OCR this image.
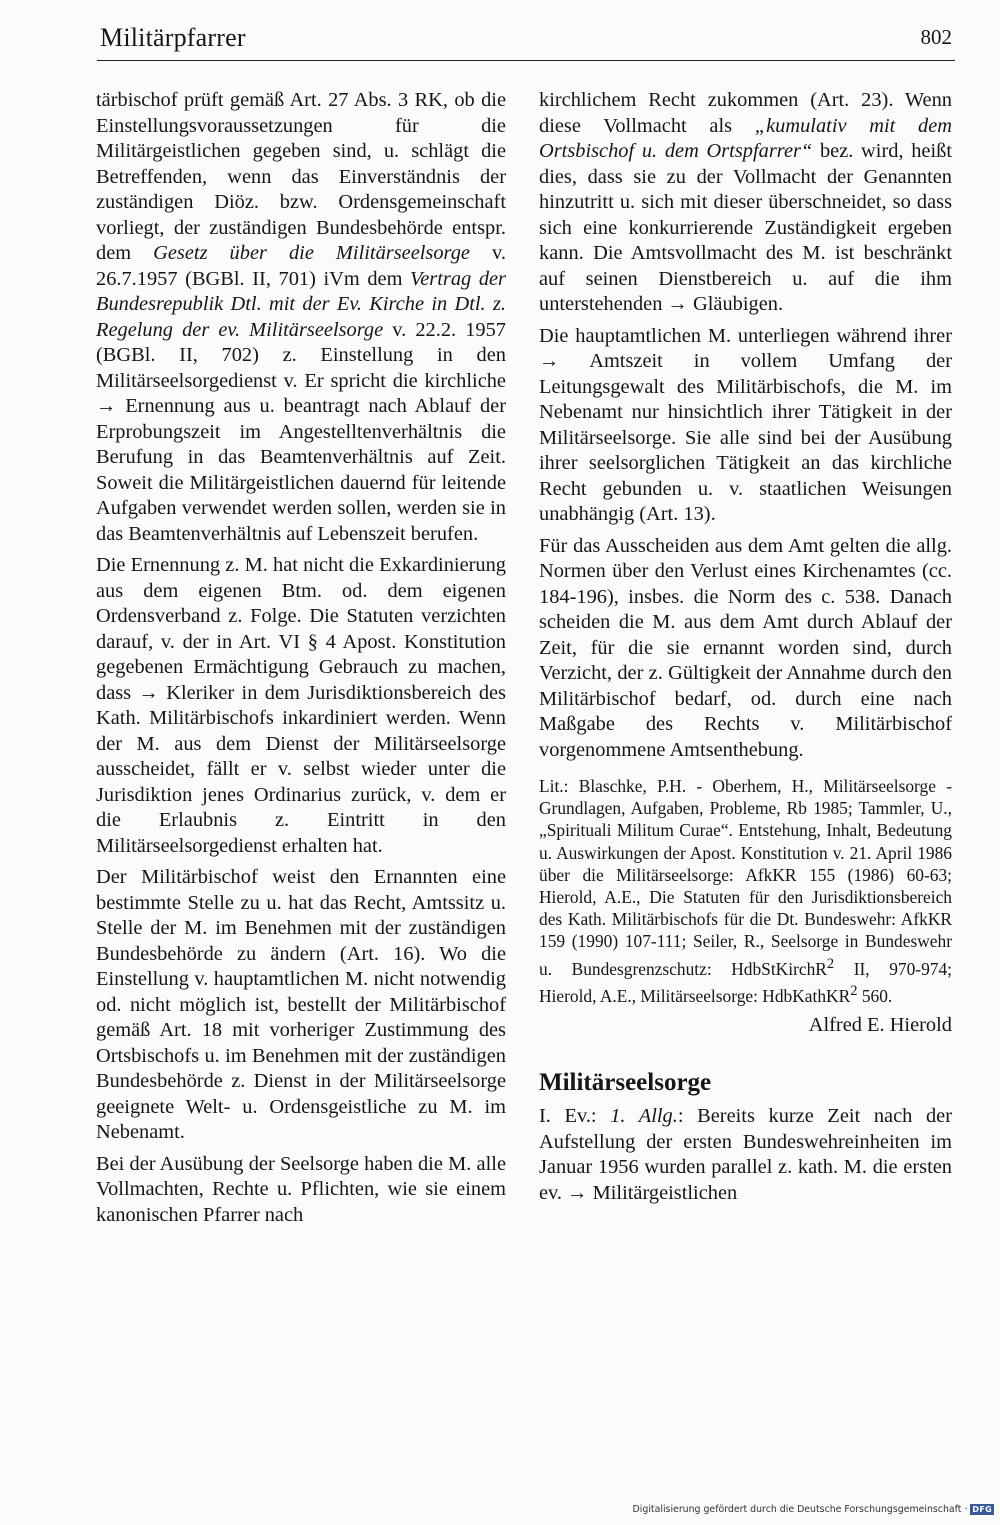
Militärpfarrer	802

tärbischof prüft gemäß Art. 27 Abs. 3 RK, ob die Einstellungsvoraussetzungen für die Militärgeistlichen gegeben sind, u. schlägt die Betreffenden, wenn das Einverständnis der zuständigen Diöz. bzw. Ordensgemeinschaft vorliegt, der zuständigen Bundesbehörde entspr. dem Gesetz über die Militärseelsorge v. 26.7.1957 (BGBl. II, 701) iVm dem Vertrag der Bundesrepublik Dtl. mit der Ev. Kirche in Dtl. z. Regelung der ev. Militärseelsorge v. 22.2. 1957 (BGBl. II, 702) z. Einstellung in den Militärseelsorgedienst v. Er spricht die kirchliche → Ernennung aus u. beantragt nach Ablauf der Erprobungszeit im Angestelltenverhältnis die Berufung in das Beamtenverhältnis auf Zeit. Soweit die Militärgeistlichen dauernd für leitende Aufgaben verwendet werden sollen, werden sie in das Beamtenverhältnis auf Lebenszeit berufen.

Die Ernennung z. M. hat nicht die Exkardinierung aus dem eigenen Btm. od. dem eigenen Ordensverband z. Folge. Die Statuten verzichten darauf, v. der in Art. VI § 4 Apost. Konstitution gegebenen Ermächtigung Gebrauch zu machen, dass → Kleriker in dem Jurisdiktionsbereich des Kath. Militärbischofs inkardiniert werden. Wenn der M. aus dem Dienst der Militärseelsorge ausscheidet, fällt er v. selbst wieder unter die Jurisdiktion jenes Ordinarius zurück, v. dem er die Erlaubnis z. Eintritt in den Militärseelsorgedienst erhalten hat.

Der Militärbischof weist den Ernannten eine bestimmte Stelle zu u. hat das Recht, Amtssitz u. Stelle der M. im Benehmen mit der zuständigen Bundesbehörde zu ändern (Art. 16). Wo die Einstellung v. hauptamtlichen M. nicht notwendig od. nicht möglich ist, bestellt der Militärbischof gemäß Art. 18 mit vorheriger Zustimmung des Ortsbischofs u. im Benehmen mit der zuständigen Bundesbehörde z. Dienst in der Militärseelsorge geeignete Welt- u. Ordensgeistliche zu M. im Nebenamt.

Bei der Ausübung der Seelsorge haben die M. alle Vollmachten, Rechte u. Pflichten, wie sie einem kanonischen Pfarrer nach

kirchlichem Recht zukommen (Art. 23). Wenn diese Vollmacht als „kumulativ mit dem Ortsbischof u. dem Ortspfarrer“ bez. wird, heißt dies, dass sie zu der Vollmacht der Genannten hinzutritt u. sich mit dieser überschneidet, so dass sich eine konkurrierende Zuständigkeit ergeben kann. Die Amtsvollmacht des M. ist beschränkt auf seinen Dienstbereich u. auf die ihm unterstehenden → Gläubigen.

Die hauptamtlichen M. unterliegen während ihrer → Amtszeit in vollem Umfang der Leitungsgewalt des Militärbischofs, die M. im Nebenamt nur hinsichtlich ihrer Tätigkeit in der Militärseelsorge. Sie alle sind bei der Ausübung ihrer seelsorglichen Tätigkeit an das kirchliche Recht gebunden u. v. staatlichen Weisungen unabhängig (Art. 13).

Für das Ausscheiden aus dem Amt gelten die allg. Normen über den Verlust eines Kirchenamtes (cc. 184-196), insbes. die Norm des c. 538. Danach scheiden die M. aus dem Amt durch Ablauf der Zeit, für die sie ernannt worden sind, durch Verzicht, der z. Gültigkeit der Annahme durch den Militärbischof bedarf, od. durch eine nach Maßgabe des Rechts v. Militärbischof vorgenommene Amtsenthebung.

Lit.: Blaschke, P.H. - Oberhem, H., Militärseelsorge - Grundlagen, Aufgaben, Probleme, Rb 1985; Tammler, U., „Spirituali Militum Curae“. Entstehung, Inhalt, Bedeutung u. Auswirkungen der Apost. Konstitution v. 21. April 1986 über die Militärseelsorge: AfkKR 155 (1986) 60-63; Hierold, A.E., Die Statuten für den Jurisdiktionsbereich des Kath. Militärbischofs für die Dt. Bundeswehr: AfkKR 159 (1990) 107-111; Seiler, R., Seelsorge in Bundeswehr u. Bundesgrenzschutz: HdbStKirchR$^2$ II, 970-974; Hierold, A.E., Militärseelsorge: HdbKathKR$^2$ 560.

Alfred E. Hierold

Militärseelsorge

I. Ev.: 1. Allg.: Bereits kurze Zeit nach der Aufstellung der ersten Bundeswehreinheiten im Januar 1956 wurden parallel z. kath. M. die ersten ev. → Militärgeistlichen

Digitalisierung gefördert durch die Deutsche Forschungsgemeinschaft · DFG
